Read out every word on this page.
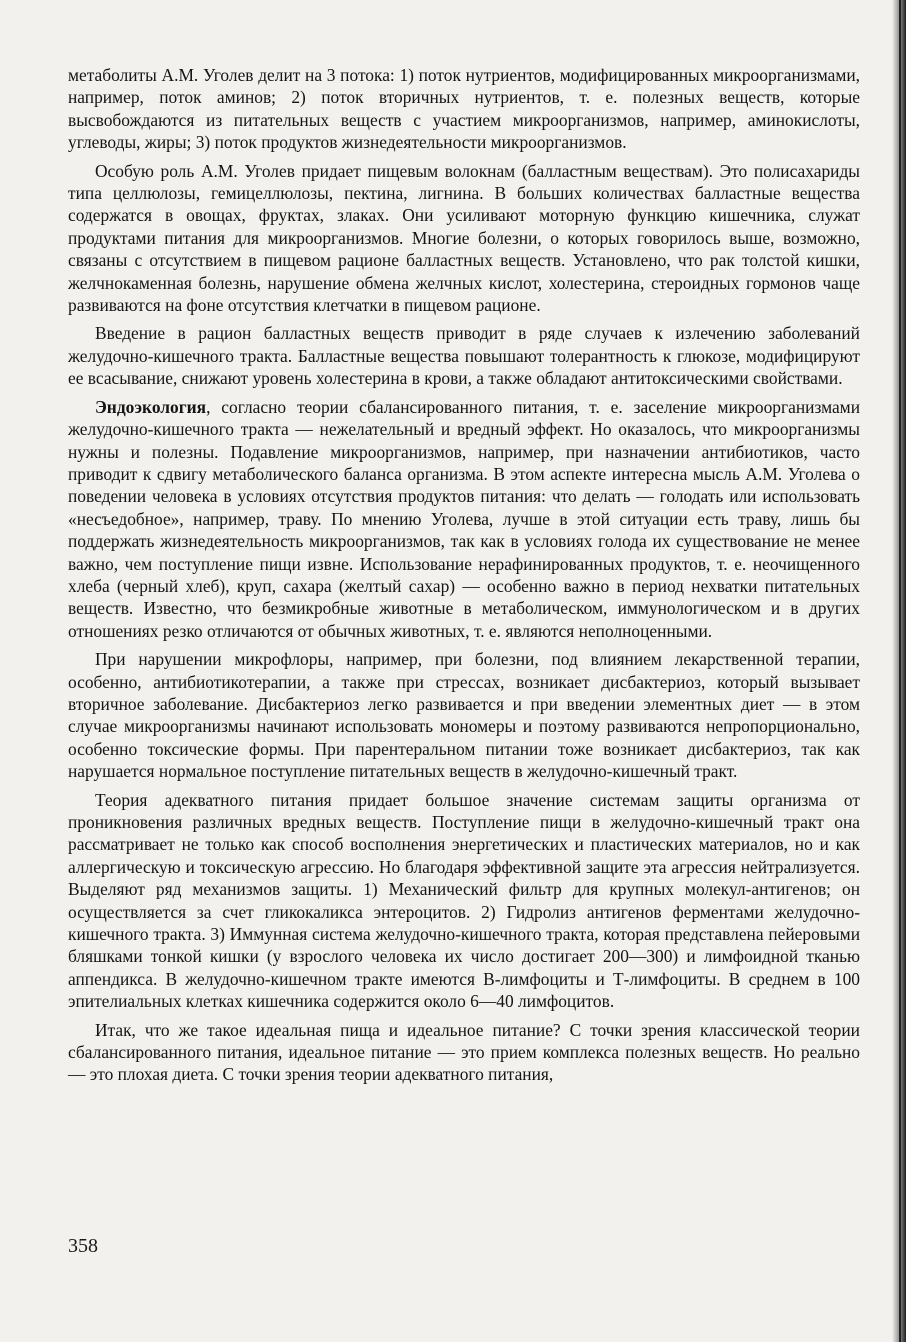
метаболиты А.М. Уголев делит на 3 потока: 1) поток нутриентов, модифицированных микроорганизмами, например, поток аминов; 2) поток вторичных нутриентов, т. е. полезных веществ, которые высвобождаются из питательных веществ с участием микроорганизмов, например, аминокислоты, углеводы, жиры; 3) поток продуктов жизнедеятельности микроорганизмов.

Особую роль А.М. Уголев придает пищевым волокнам (балластным веществам). Это полисахариды типа целлюлозы, гемицеллюлозы, пектина, лигнина. В больших количествах балластные вещества содержатся в овощах, фруктах, злаках. Они усиливают моторную функцию кишечника, служат продуктами питания для микроорганизмов. Многие болезни, о которых говорилось выше, возможно, связаны с отсутствием в пищевом рационе балластных веществ. Установлено, что рак толстой кишки, желчнокаменная болезнь, нарушение обмена желчных кислот, холестерина, стероидных гормонов чаще развиваются на фоне отсутствия клетчатки в пищевом рационе.

Введение в рацион балластных веществ приводит в ряде случаев к излечению заболеваний желудочно-кишечного тракта. Балластные вещества повышают толерантность к глюкозе, модифицируют ее всасывание, снижают уровень холестерина в крови, а также обладают антитоксическими свойствами.

Эндоэкология, согласно теории сбалансированного питания, т. е. заселение микроорганизмами желудочно-кишечного тракта — нежелательный и вредный эффект. Но оказалось, что микроорганизмы нужны и полезны. Подавление микроорганизмов, например, при назначении антибиотиков, часто приводит к сдвигу метаболического баланса организма. В этом аспекте интересна мысль А.М. Уголева о поведении человека в условиях отсутствия продуктов питания: что делать — голодать или использовать «несъедобное», например, траву. По мнению Уголева, лучше в этой ситуации есть траву, лишь бы поддержать жизнедеятельность микроорганизмов, так как в условиях голода их существование не менее важно, чем поступление пищи извне. Использование нерафинированных продуктов, т. е. неочищенного хлеба (черный хлеб), круп, сахара (желтый сахар) — особенно важно в период нехватки питательных веществ. Известно, что безмикробные животные в метаболическом, иммунологическом и в других отношениях резко отличаются от обычных животных, т. е. являются неполноценными.

При нарушении микрофлоры, например, при болезни, под влиянием лекарственной терапии, особенно, антибиотикотерапии, а также при стрессах, возникает дисбактериоз, который вызывает вторичное заболевание. Дисбактериоз легко развивается и при введении элементных диет — в этом случае микроорганизмы начинают использовать мономеры и поэтому развиваются непропорционально, особенно токсические формы. При парентеральном питании тоже возникает дисбактериоз, так как нарушается нормальное поступление питательных веществ в желудочно-кишечный тракт.

Теория адекватного питания придает большое значение системам защиты организма от проникновения различных вредных веществ. Поступление пищи в желудочно-кишечный тракт она рассматривает не только как способ восполнения энергетических и пластических материалов, но и как аллергическую и токсическую агрессию. Но благодаря эффективной защите эта агрессия нейтрализуется. Выделяют ряд механизмов защиты. 1) Механический фильтр для крупных молекул-антигенов; он осуществляется за счет гликокаликса энтероцитов. 2) Гидролиз антигенов ферментами желудочно-кишечного тракта. 3) Иммунная система желудочно-кишечного тракта, которая представлена пейеровыми бляшками тонкой кишки (у взрослого человека их число достигает 200—300) и лимфоидной тканью аппендикса. В желудочно-кишечном тракте имеются В-лимфоциты и Т-лимфоциты. В среднем в 100 эпителиальных клетках кишечника содержится около 6—40 лимфоцитов.

Итак, что же такое идеальная пища и идеальное питание? С точки зрения классической теории сбалансированного питания, идеальное питание — это прием комплекса полезных веществ. Но реально — это плохая диета. С точки зрения теории адекватного питания,

358
